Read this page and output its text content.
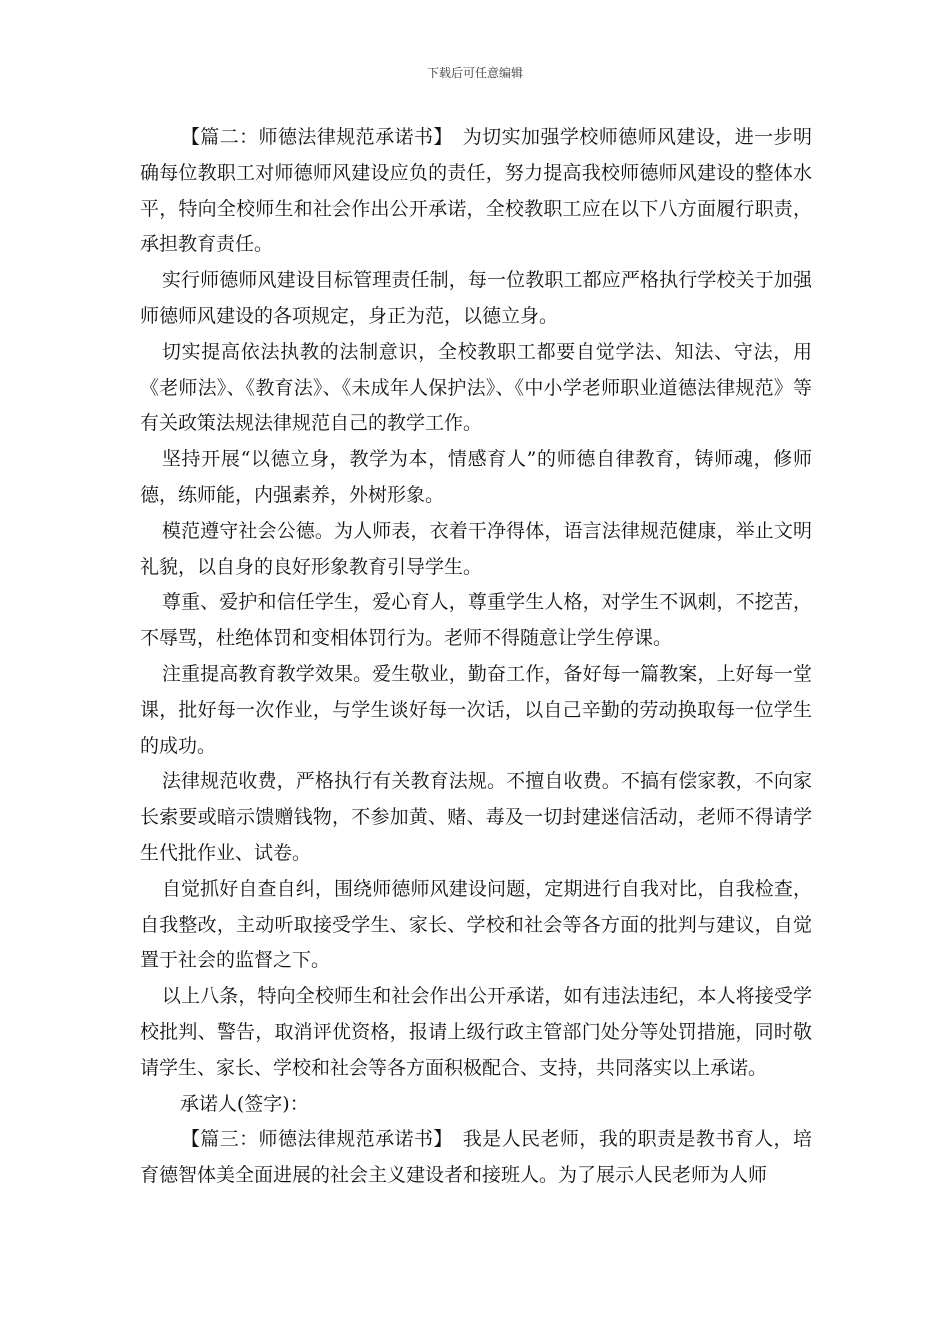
下载后可任意编辑

【篇二：师德法律规范承诺书】　为切实加强学校师德师风建设，进一步明确每位教职工对师德师风建设应负的责任，努力提高我校师德师风建设的整体水平，特向全校师生和社会作出公开承诺，全校教职工应在以下八方面履行职责，承担教育责任。

实行师德师风建设目标管理责任制，每一位教职工都应严格执行学校关于加强师德师风建设的各项规定，身正为范，以德立身。

切实提高依法执教的法制意识，全校教职工都要自觉学法、知法、守法，用《老师法》、《教育法》、《未成年人保护法》、《中小学老师职业道德法律规范》等有关政策法规法律规范自己的教学工作。

坚持开展“以德立身，教学为本，情感育人”的师德自律教育，铸师魂，修师德，练师能，内强素养，外树形象。

模范遵守社会公德。为人师表，衣着干净得体，语言法律规范健康，举止文明礼貌，以自身的良好形象教育引导学生。

尊重、爱护和信任学生，爱心育人，尊重学生人格，对学生不讽刺，不挖苦，不辱骂，杜绝体罚和变相体罚行为。老师不得随意让学生停课。

注重提高教育教学效果。爱生敬业，勤奋工作，备好每一篇教案，上好每一堂课，批好每一次作业，与学生谈好每一次话，以自己辛勤的劳动换取每一位学生的成功。

法律规范收费，严格执行有关教育法规。不擅自收费。不搞有偿家教，不向家长索要或暗示馈赠钱物，不参加黄、赌、毒及一切封建迷信活动，老师不得请学生代批作业、试卷。

自觉抓好自查自纠，围绕师德师风建设问题，定期进行自我对比，自我检查，自我整改，主动听取接受学生、家长、学校和社会等各方面的批判与建议，自觉置于社会的监督之下。

以上八条，特向全校师生和社会作出公开承诺，如有违法违纪，本人将接受学校批判、警告，取消评优资格，报请上级行政主管部门处分等处罚措施，同时敬请学生、家长、学校和社会等各方面积极配合、支持，共同落实以上承诺。

承诺人(签字)：

【篇三：师德法律规范承诺书】　我是人民老师，我的职责是教书育人，培育德智体美全面进展的社会主义建设者和接班人。为了展示人民老师为人师
